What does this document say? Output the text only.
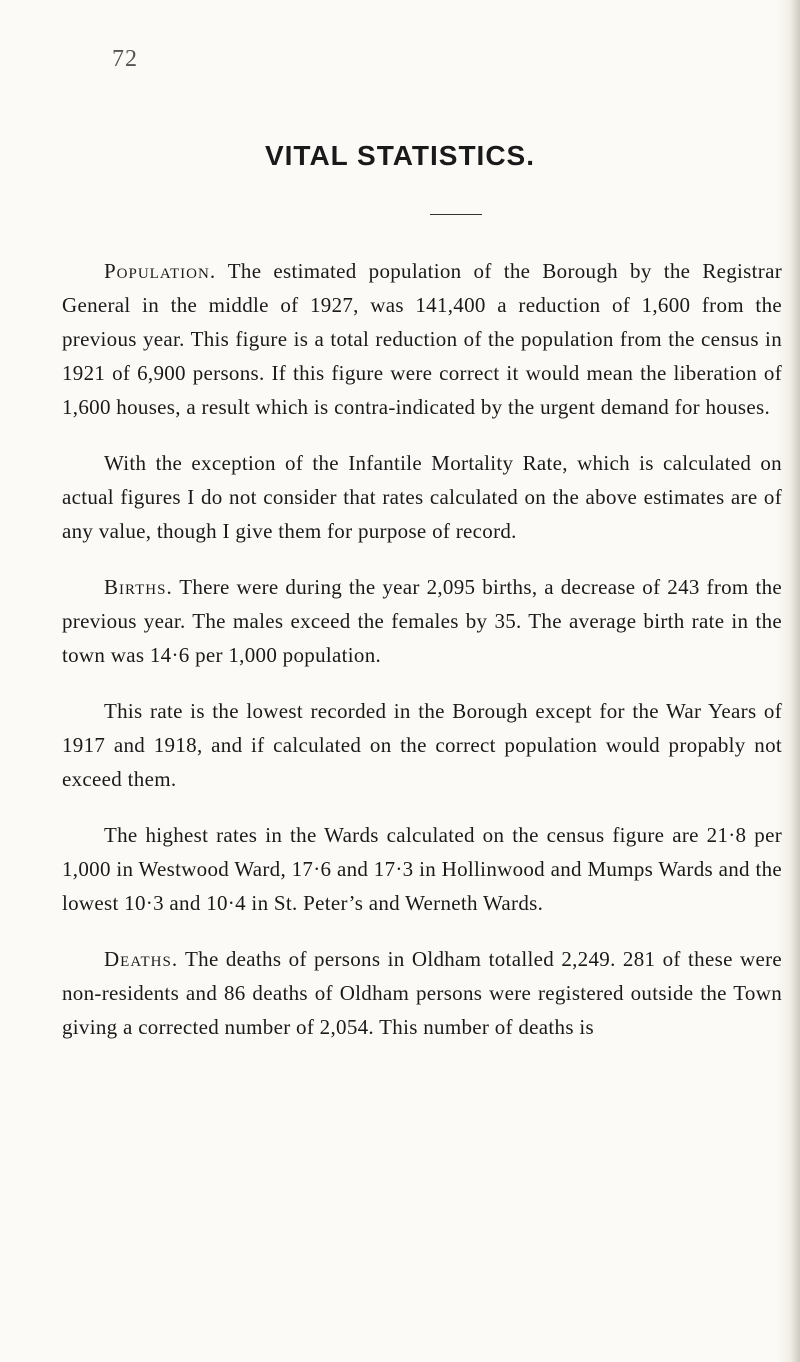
72
VITAL STATISTICS.

Population. The estimated population of the Borough by the Registrar General in the middle of 1927, was 141,400 a reduction of 1,600 from the previous year. This figure is a total reduction of the population from the census in 1921 of 6,900 persons. If this figure were correct it would mean the liberation of 1,600 houses, a result which is contra-indicated by the urgent demand for houses.

With the exception of the Infantile Mortality Rate, which is calculated on actual figures I do not consider that rates calculated on the above estimates are of any value, though I give them for purpose of record.

Births. There were during the year 2,095 births, a decrease of 243 from the previous year. The males exceed the females by 35. The average birth rate in the town was 14·6 per 1,000 population.

This rate is the lowest recorded in the Borough except for the War Years of 1917 and 1918, and if calculated on the correct population would propably not exceed them.

The highest rates in the Wards calculated on the census figure are 21·8 per 1,000 in Westwood Ward, 17·6 and 17·3 in Hollinwood and Mumps Wards and the lowest 10·3 and 10·4 in St. Peter’s and Werneth Wards.

Deaths. The deaths of persons in Oldham totalled 2,249. 281 of these were non-residents and 86 deaths of Oldham persons were registered outside the Town giving a corrected number of 2,054. This number of deaths is
